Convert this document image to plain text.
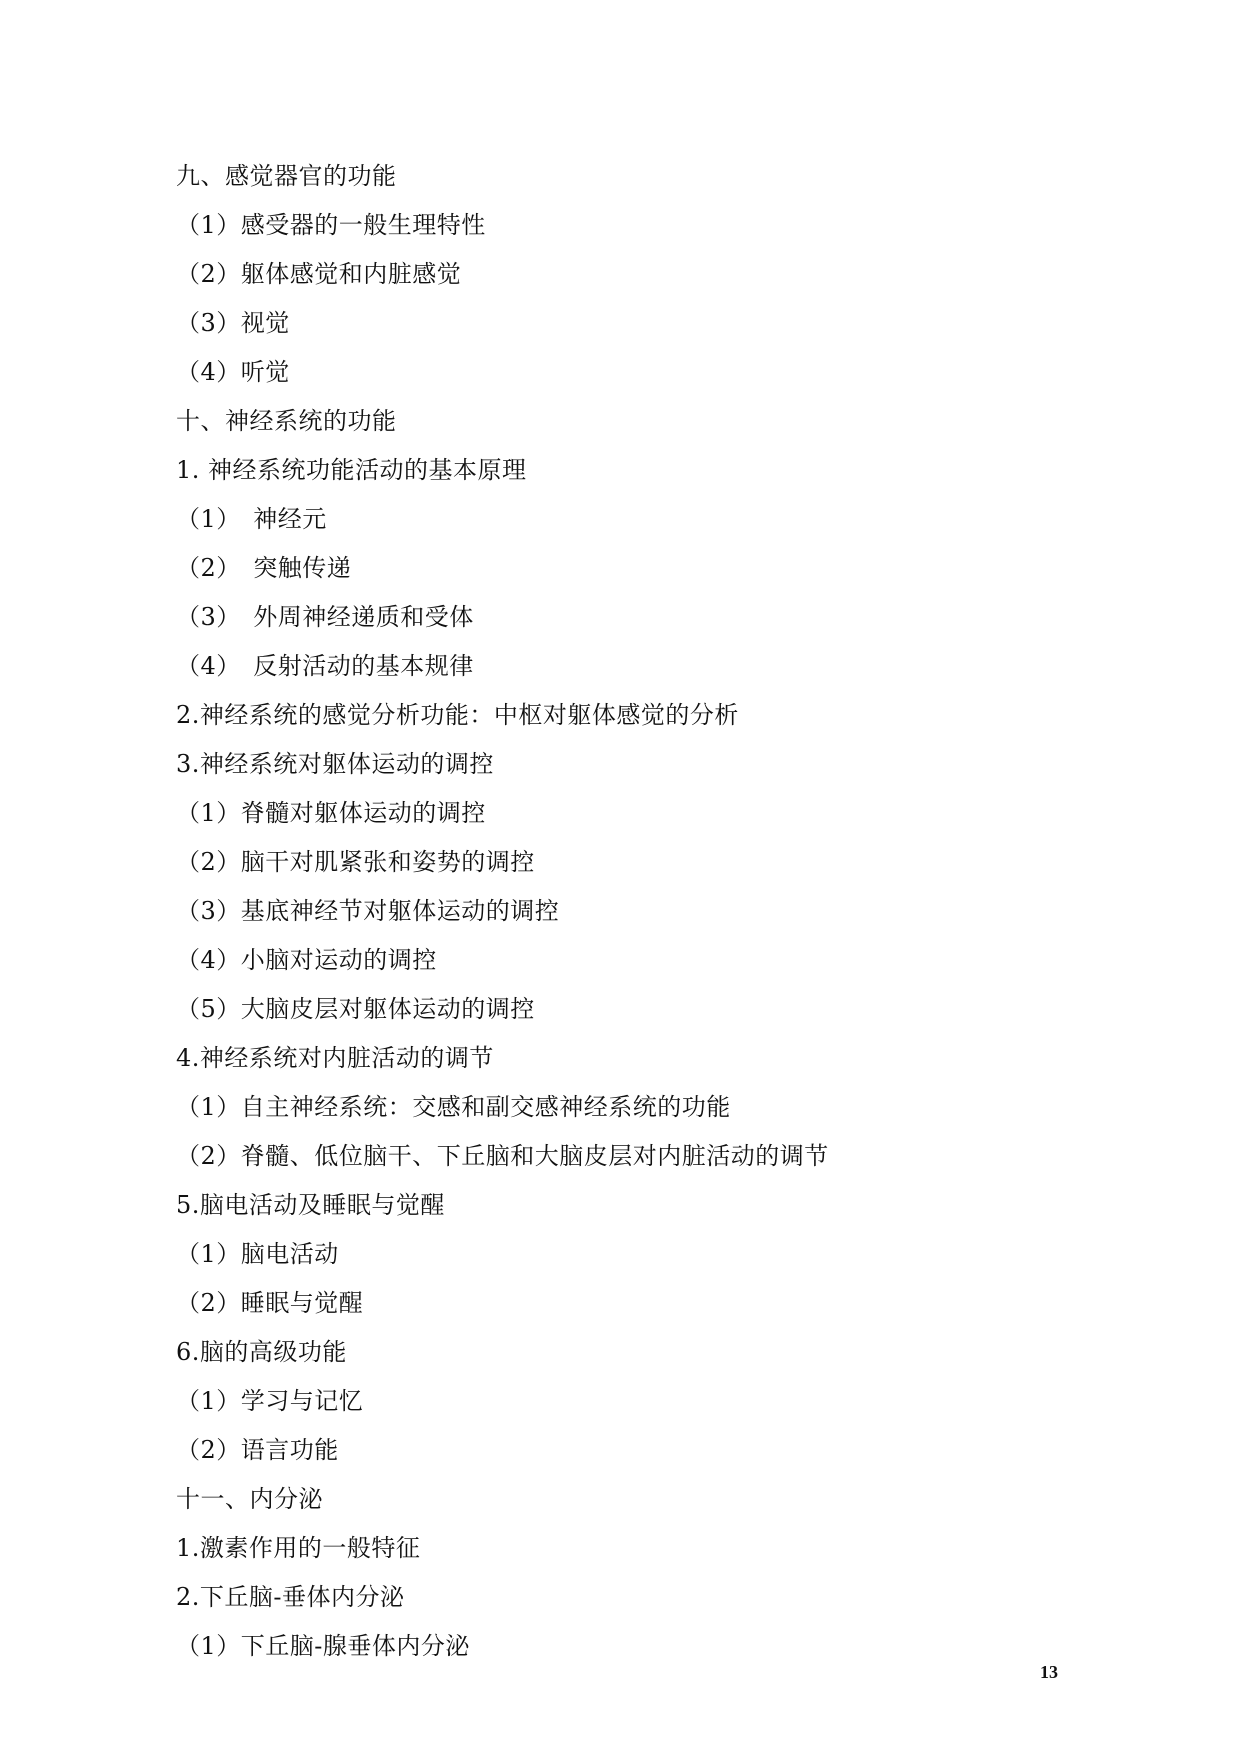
九、感觉器官的功能
（1）感受器的一般生理特性
（2）躯体感觉和内脏感觉
（3）视觉
（4）听觉
十、神经系统的功能
1. 神经系统功能活动的基本原理
（1）　神经元
（2）　突触传递
（3）　外周神经递质和受体
（4）　反射活动的基本规律
2.神经系统的感觉分析功能：中枢对躯体感觉的分析
3.神经系统对躯体运动的调控
（1）脊髓对躯体运动的调控
（2）脑干对肌紧张和姿势的调控
（3）基底神经节对躯体运动的调控
（4）小脑对运动的调控
（5）大脑皮层对躯体运动的调控
4.神经系统对内脏活动的调节
（1）自主神经系统：交感和副交感神经系统的功能
（2）脊髓、低位脑干、下丘脑和大脑皮层对内脏活动的调节
5.脑电活动及睡眠与觉醒
（1）脑电活动
（2）睡眠与觉醒
6.脑的高级功能
（1）学习与记忆
（2）语言功能
十一、内分泌
1.激素作用的一般特征
2.下丘脑-垂体内分泌
（1）下丘脑-腺垂体内分泌
13
